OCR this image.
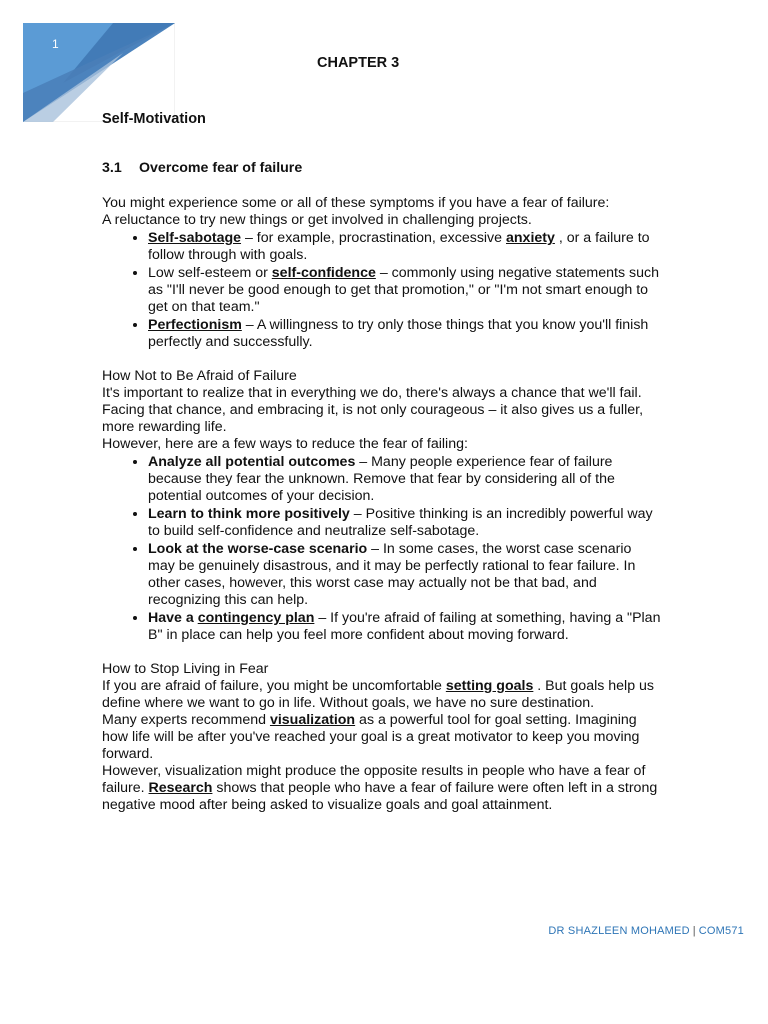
1
CHAPTER 3
Self-Motivation
3.1 Overcome fear of failure

You might experience some or all of these symptoms if you have a fear of failure:

A reluctance to try new things or get involved in challenging projects.

• Self-sabotage – for example, procrastination, excessive anxiety , or a failure to follow through with goals.
• Low self-esteem or self-confidence – commonly using negative statements such as "I'll never be good enough to get that promotion," or "I'm not smart enough to get on that team."
• Perfectionism – A willingness to try only those things that you know you'll finish perfectly and successfully.

How Not to Be Afraid of Failure

It's important to realize that in everything we do, there's always a chance that we'll fail. Facing that chance, and embracing it, is not only courageous – it also gives us a fuller, more rewarding life.

However, here are a few ways to reduce the fear of failing:

• Analyze all potential outcomes – Many people experience fear of failure because they fear the unknown. Remove that fear by considering all of the potential outcomes of your decision.
• Learn to think more positively – Positive thinking is an incredibly powerful way to build self-confidence and neutralize self-sabotage.
• Look at the worse-case scenario – In some cases, the worst case scenario may be genuinely disastrous, and it may be perfectly rational to fear failure. In other cases, however, this worst case may actually not be that bad, and recognizing this can help.
• Have a contingency plan – If you're afraid of failing at something, having a "Plan B" in place can help you feel more confident about moving forward.

How to Stop Living in Fear

If you are afraid of failure, you might be uncomfortable setting goals . But goals help us define where we want to go in life. Without goals, we have no sure destination.

Many experts recommend visualization as a powerful tool for goal setting. Imagining how life will be after you've reached your goal is a great motivator to keep you moving forward.

However, visualization might produce the opposite results in people who have a fear of failure. Research shows that people who have a fear of failure were often left in a strong negative mood after being asked to visualize goals and goal attainment.

DR SHAZLEEN MOHAMED | COM571
